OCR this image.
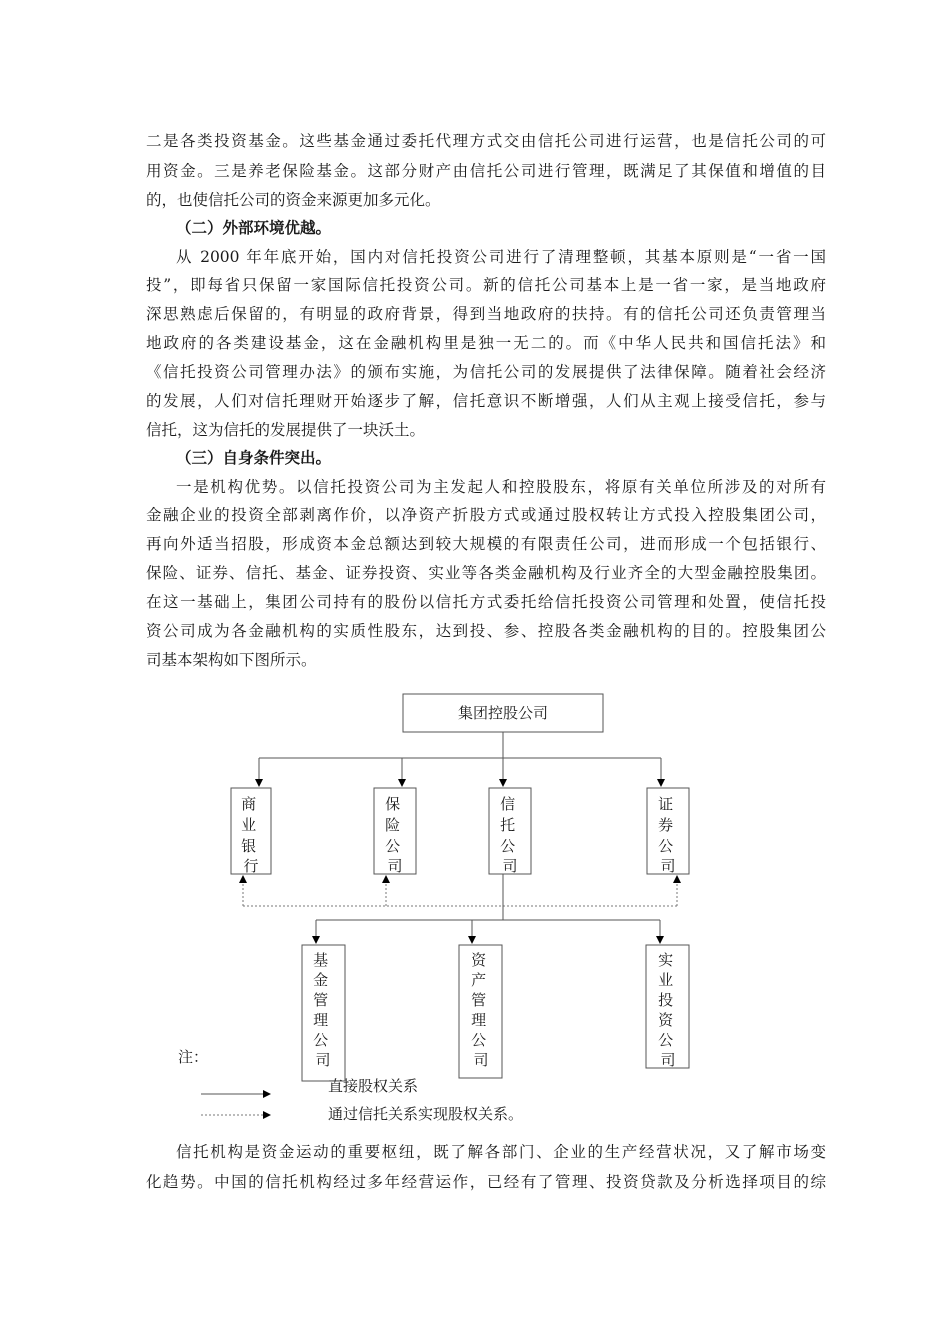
二是各类投资基金。这些基金通过委托代理方式交由信托公司进行运营，也是信托公司的可
用资金。三是养老保险基金。这部分财产由信托公司进行管理，既满足了其保值和增值的目
的，也使信托公司的资金来源更加多元化。
（二）外部环境优越。
从 2000 年年底开始，国内对信托投资公司进行了清理整顿，其基本原则是“一省一国
投”，即每省只保留一家国际信托投资公司。新的信托公司基本上是一省一家，是当地政府
深思熟虑后保留的，有明显的政府背景，得到当地政府的扶持。有的信托公司还负责管理当
地政府的各类建设基金，这在金融机构里是独一无二的。而《中华人民共和国信托法》和
《信托投资公司管理办法》的颁布实施，为信托公司的发展提供了法律保障。随着社会经济
的发展，人们对信托理财开始逐步了解，信托意识不断增强，人们从主观上接受信托，参与
信托，这为信托的发展提供了一块沃土。
（三）自身条件突出。
一是机构优势。以信托投资公司为主发起人和控股股东，将原有关单位所涉及的对所有
金融企业的投资全部剥离作价，以净资产折股方式或通过股权转让方式投入控股集团公司，
再向外适当招股，形成资本金总额达到较大规模的有限责任公司，进而形成一个包括银行、
保险、证券、信托、基金、证券投资、实业等各类金融机构及行业齐全的大型金融控股集团。
在这一基础上，集团公司持有的股份以信托方式委托给信托投资公司管理和处置，使信托投
资公司成为各金融机构的实质性股东，达到投、参、控股各类金融机构的目的。控股集团公
司基本架构如下图所示。
集团控股公司
商 业 银 行
保 险 公 司
信 托 公 司
证 券 公 司
基 金 管 理 公 司
资 产 管 理 公 司
实 业 投 资 公 司
注：
直接股权关系
通过信托关系实现股权关系。
信托机构是资金运动的重要枢纽，既了解各部门、企业的生产经营状况，又了解市场变
化趋势。中国的信托机构经过多年经营运作，已经有了管理、投资贷款及分析选择项目的综
